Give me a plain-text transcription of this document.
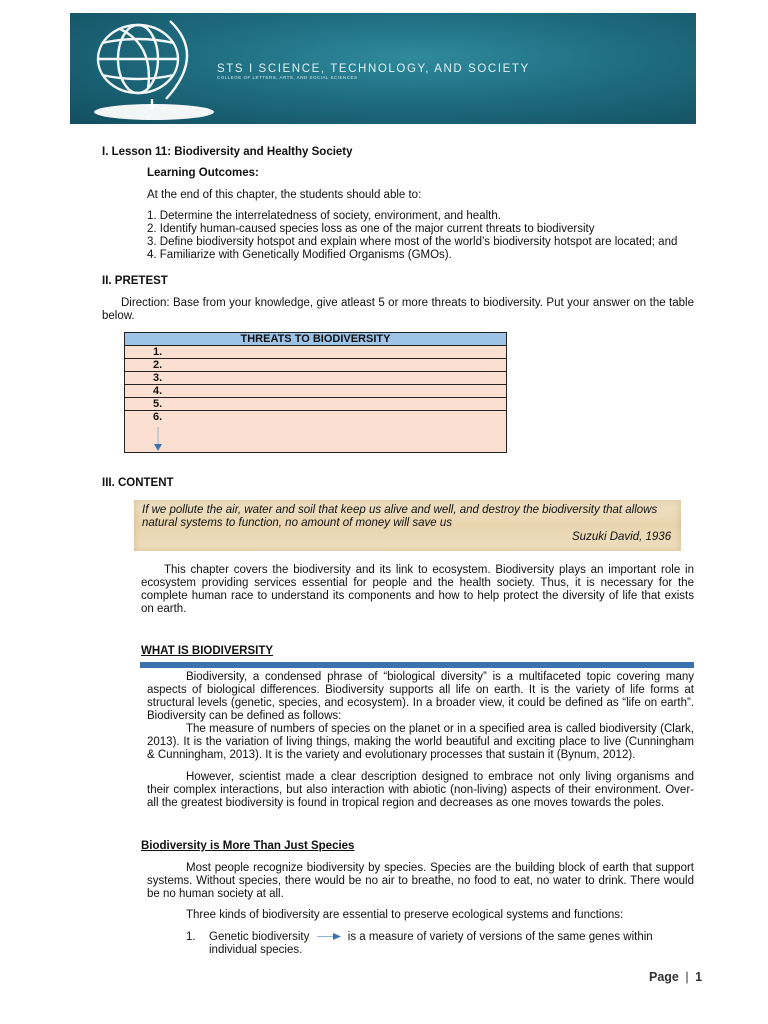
STS I SCIENCE, TECHNOLOGY, AND SOCIETY
COLLEGE OF LETTERS, ARTS, AND SOCIAL SCIENCES
I. Lesson 11: Biodiversity and Healthy Society
Learning Outcomes:
At the end of this chapter, the students should able to:
1. Determine the interrelatedness of society, environment, and health.
2. Identify human-caused species loss as one of the major current threats to biodiversity
3. Define biodiversity hotspot and explain where most of the world’s biodiversity hotspot are located; and
4. Familiarize with Genetically Modified Organisms (GMOs).
II. PRETEST
Direction: Base from your knowledge, give atleast 5 or more threats to biodiversity. Put your answer on the table below.
THREATS TO BIODIVERSITY
1.
2.
3.
4.
5.
6.
III. CONTENT
If we pollute the air, water and soil that keep us alive and well, and destroy the biodiversity that allows natural systems to function, no amount of money will save us
Suzuki David, 1936
This chapter covers the biodiversity and its link to ecosystem. Biodiversity plays an important role in ecosystem providing services essential for people and the health society. Thus, it is necessary for the complete human race to understand its components and how to help protect the diversity of life that exists on earth.
WHAT IS BIODIVERSITY
Biodiversity, a condensed phrase of “biological diversity” is a multifaceted topic covering many aspects of biological differences. Biodiversity supports all life on earth. It is the variety of life forms at structural levels (genetic, species, and ecosystem). In a broader view, it could be defined as “life on earth”. Biodiversity can be defined as follows:
The measure of numbers of species on the planet or in a specified area is called biodiversity (Clark, 2013). It is the variation of living things, making the world beautiful and exciting place to live (Cunningham & Cunningham, 2013). It is the variety and evolutionary processes that sustain it (Bynum, 2012).
However, scientist made a clear description designed to embrace not only living organisms and their complex interactions, but also interaction with abiotic (non-living) aspects of their environment. Over-all the greatest biodiversity is found in tropical region and decreases as one moves towards the poles.
Biodiversity is More Than Just Species
Most people recognize biodiversity by species. Species are the building block of earth that support systems. Without species, there would be no air to breathe, no food to eat, no water to drink. There would be no human society at all.
Three kinds of biodiversity are essential to preserve ecological systems and functions:
1. Genetic biodiversity	is a measure of variety of versions of the same genes within individual species.
Page | 1
